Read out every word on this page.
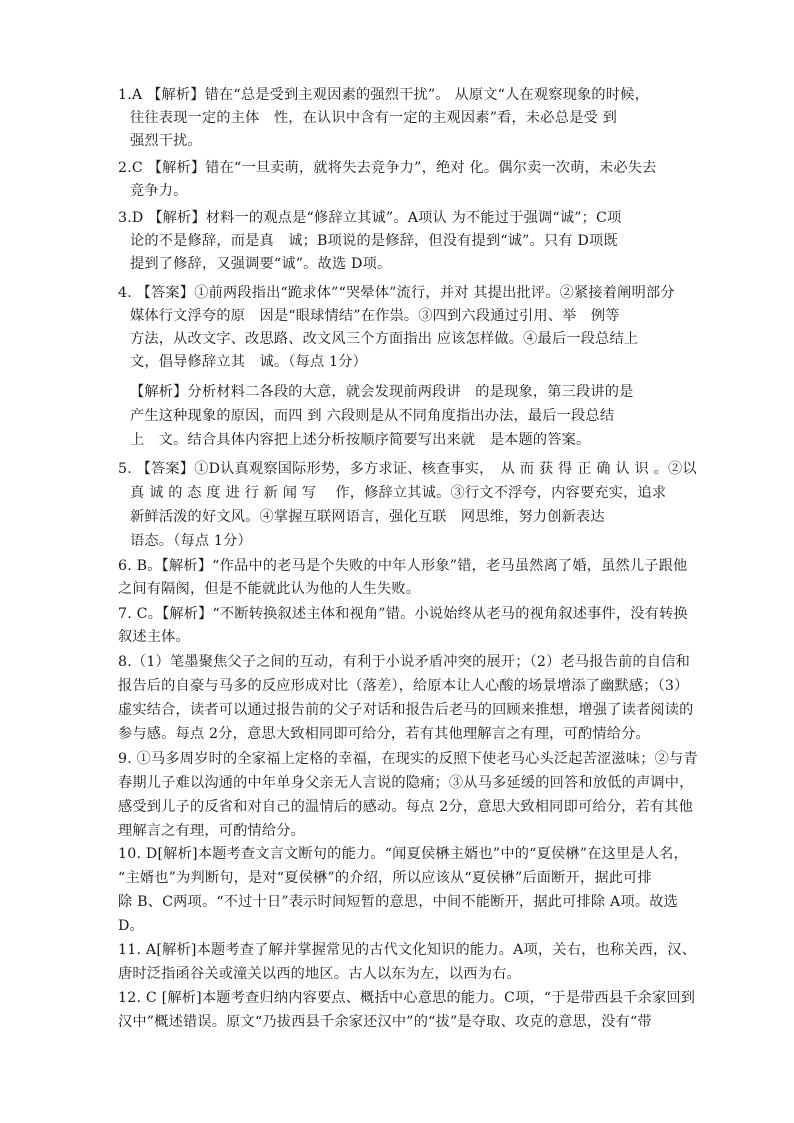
1.A 【解析】错在“总是受到主观因素的强烈干扰”。 从原文“人在观察现象的时候，
往往表现一定的主体　性，在认识中含有一定的主观因素”看，未必总是受 到
强烈干扰。
2.C 【解析】错在“一旦卖萌，就将失去竞争力”，绝对 化。偶尔卖一次萌，未必失去
竞争力。
3.D 【解析】材料一的观点是“修辞立其诚”。A项认 为不能过于强调“诚”；C项
论的不是修辞，而是真　诚；B项说的是修辞，但没有提到“诚”。只有 D项既
提到了修辞，又强调要“诚”。故选 D项。
4. 【答案】①前两段指出“跪求体”“哭晕体”流行，并对 其提出批评。②紧接着阐明部分
媒体行文浮夸的原　因是“眼球情结”在作祟。③四到六段通过引用、举　例等
方法，从改文字、改思路、改文风三个方面指出 应该怎样做。④最后一段总结上
文，倡导修辞立其　诚。（每点 1分）
【解析】分析材料二各段的大意，就会发现前两段讲　的是现象，第三段讲的是
产生这种现象的原因，而四 到 六段则是从不同角度指出办法，最后一段总结
上　文。结合具体内容把上述分析按顺序简要写出来就　是本题的答案。
5. 【答案】①D认真观察国际形势，多方求证、核查事实，　从 而 获 得 正 确 认 识 。②以
真 诚 的 态 度 进 行 新 闻 写　 作，修辞立其诚。③行文不浮夸，内容要充实，追求
新鲜活泼的好文风。④掌握互联网语言，强化互联　网思维，努力创新表达
语态。（每点 1分）
6. B。【解析】“作品中的老马是个失败的中年人形象”错，老马虽然离了婚，虽然儿子跟他
之间有隔阂，但是不能就此认为他的人生失败。
7. C。【解析】“不断转换叙述主体和视角”错。小说始终从老马的视角叙述事件，没有转换
叙述主体。
8.（1）笔墨聚焦父子之间的互动，有利于小说矛盾冲突的展开；（2）老马报告前的自信和
报告后的自豪与马多的反应形成对比（落差），给原本让人心酸的场景增添了幽默感；（3）
虚实结合，读者可以通过报告前的父子对话和报告后老马的回顾来推想，增强了读者阅读的
参与感。每点 2分，意思大致相同即可给分，若有其他理解言之有理，可酌情给分。
9. ①马多周岁时的全家福上定格的幸福，在现实的反照下使老马心头泛起苦涩滋味；②与青
春期儿子难以沟通的中年单身父亲无人言说的隐痛；③从马多延缓的回答和放低的声调中，
感受到儿子的反省和对自己的温情后的感动。每点 2分，意思大致相同即可给分，若有其他
理解言之有理，可酌情给分。
10. D[解析]本题考查文言文断句的能力。“闻夏侯楙主婿也”中的“夏侯楙”在这里是人名，
“主婿也”为判断句，是对“夏侯楙”的介绍，所以应该从“夏侯楙”后面断开，据此可排
除 B、C两项。“不过十日”表示时间短暂的意思，中间不能断开，据此可排除 A项。故选
D。
11. A[解析]本题考查了解并掌握常见的古代文化知识的能力。A项，关右，也称关西，汉、
唐时泛指函谷关或潼关以西的地区。古人以东为左，以西为右。
12. C [解析]本题考查归纳内容要点、概括中心意思的能力。C项，“于是带西县千余家回到
汉中”概述错误。原文“乃拔西县千余家还汉中”的“拔”是夺取、攻克的意思，没有“带
